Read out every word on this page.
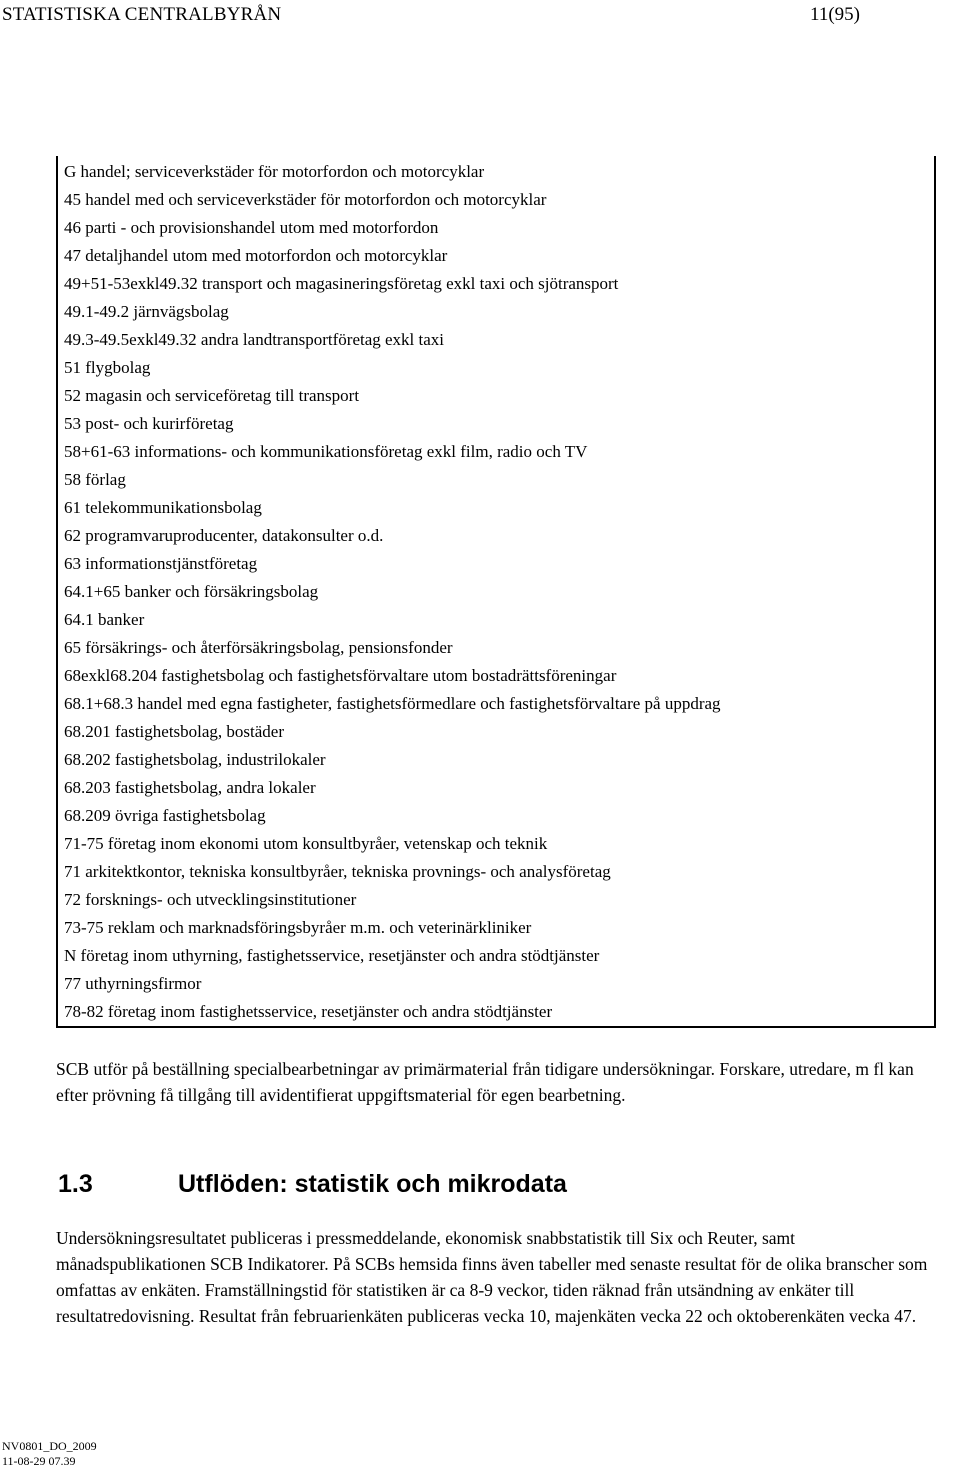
STATISTISKA CENTRALBYRÅN	11(95)
G handel; serviceverkstäder för motorfordon och motorcyklar
45 handel med och serviceverkstäder för motorfordon och motorcyklar
46 parti - och provisionshandel utom med motorfordon
47 detaljhandel utom med motorfordon och motorcyklar
49+51-53exkl49.32 transport och magasineringsföretag exkl taxi och sjötransport
49.1-49.2 järnvägsbolag
49.3-49.5exkl49.32 andra landtransportföretag exkl taxi
51 flygbolag
52 magasin och serviceföretag till transport
53 post- och kurirföretag
58+61-63 informations- och kommunikationsföretag exkl film, radio och TV
58 förlag
61 telekommunikationsbolag
62 programvaruproducenter, datakonsulter o.d.
63 informationstjänstföretag
64.1+65 banker och försäkringsbolag
64.1 banker
65 försäkrings- och återförsäkringsbolag, pensionsfonder
68exkl68.204 fastighetsbolag och fastighetsförvaltare utom bostadrättsföreningar
68.1+68.3 handel med egna fastigheter, fastighetsförmedlare och fastighetsförvaltare på uppdrag
68.201 fastighetsbolag, bostäder
68.202 fastighetsbolag, industrilokaler
68.203 fastighetsbolag, andra lokaler
68.209 övriga fastighetsbolag
71-75 företag inom ekonomi utom konsultbyråer, vetenskap och teknik
71 arkitektkontor, tekniska konsultbyråer, tekniska provnings- och analysföretag
72 forsknings- och utvecklingsinstitutioner
73-75 reklam och marknadsföringsbyråer m.m. och veterinärkliniker
N företag inom uthyrning, fastighetsservice, resetjänster och andra stödtjänster
77 uthyrningsfirmor
78-82 företag inom fastighetsservice, resetjänster och andra stödtjänster
SCB utför på beställning specialbearbetningar av primärmaterial från tidigare undersökningar. Forskare, utredare, m fl kan efter prövning få tillgång till avidentifierat uppgiftsmaterial för egen bearbetning.
1.3	Utflöden: statistik och mikrodata
Undersökningsresultatet publiceras i pressmeddelande, ekonomisk snabbstatistik till Six och Reuter, samt månadspublikationen SCB Indikatorer. På SCBs hemsida finns även tabeller med senaste resultat för de olika branscher som omfattas av enkäten. Framställningstid för statistiken är ca 8-9 veckor, tiden räknad från utsändning av enkäter till resultatredovisning. Resultat från februarienkäten publiceras vecka 10, majenkäten vecka 22 och oktoberenkäten vecka 47.
NV0801_DO_2009
11-08-29 07.39
